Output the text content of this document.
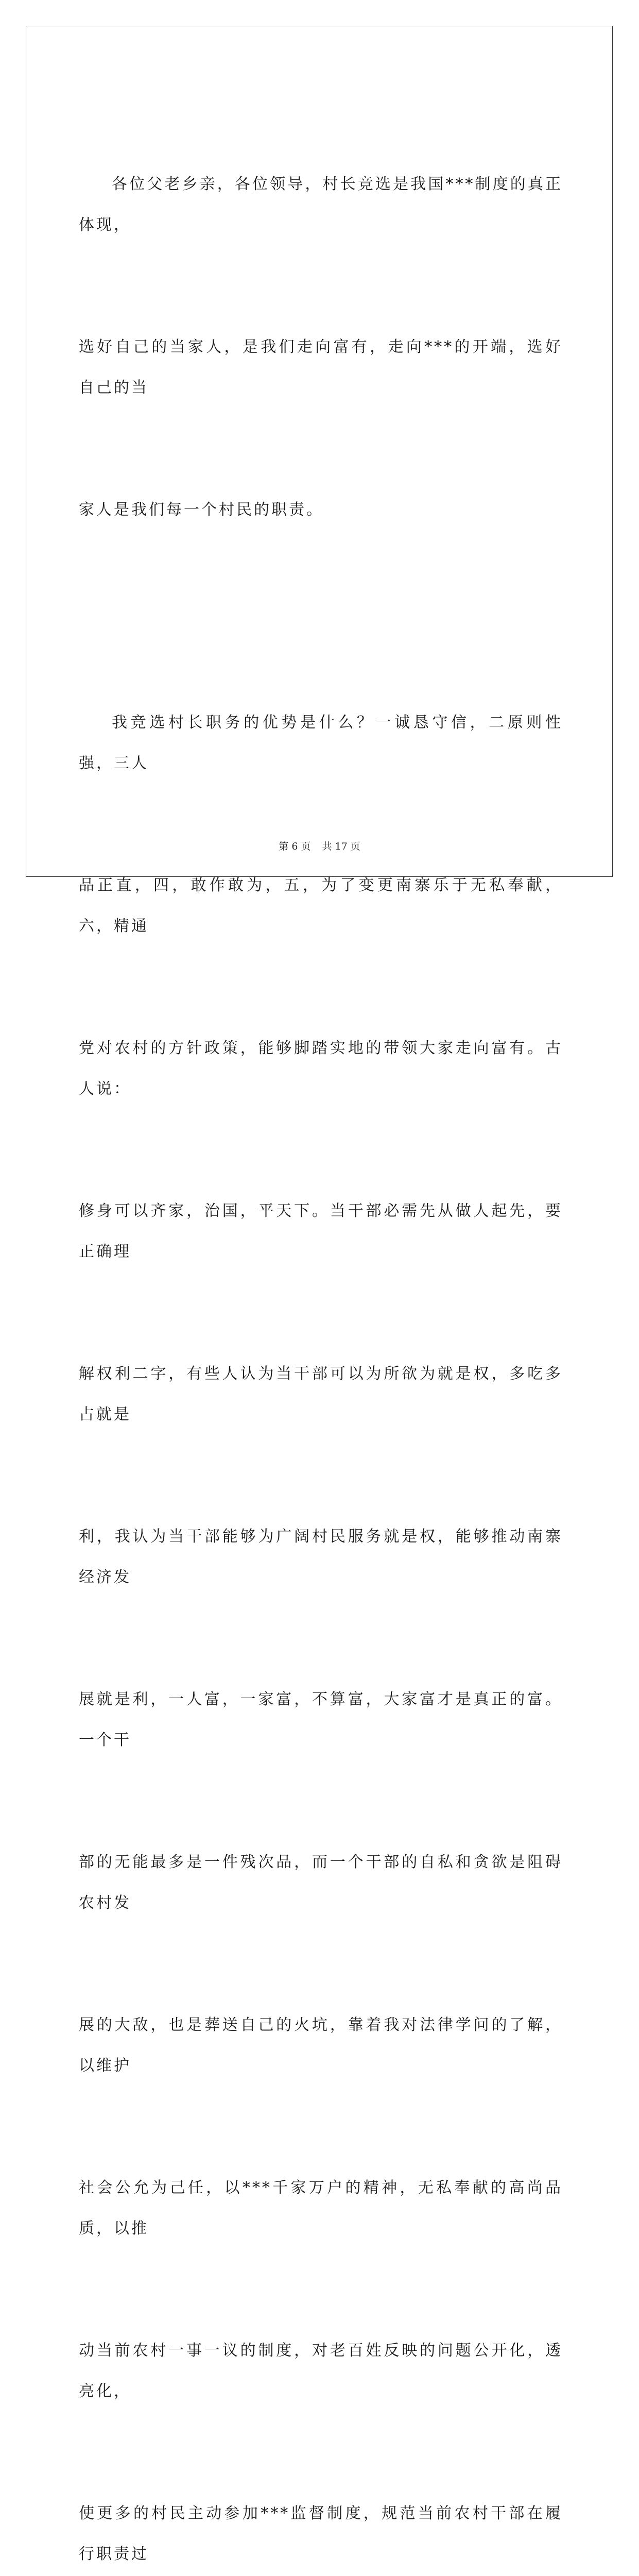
各位父老乡亲，各位领导，村长竞选是我国***制度的真正体现，

选好自己的当家人，是我们走向富有，走向***的开端，选好自己的当

家人是我们每一个村民的职责。

我竞选村长职务的优势是什么？一诚恳守信，二原则性强，三人

品正直，四，敢作敢为，五，为了变更南寨乐于无私奉献，六，精通

党对农村的方针政策，能够脚踏实地的带领大家走向富有。古人说：

修身可以齐家，治国，平天下。当干部必需先从做人起先，要正确理

解权利二字，有些人认为当干部可以为所欲为就是权，多吃多占就是

利，我认为当干部能够为广阔村民服务就是权，能够推动南寨经济发

展就是利，一人富，一家富，不算富，大家富才是真正的富。一个干

部的无能最多是一件残次品，而一个干部的自私和贪欲是阻碍农村发

展的大敌，也是葬送自己的火坑，靠着我对法律学问的了解，以维护

社会公允为己任，以***千家万户的精神，无私奉献的高尚品质，以推

动当前农村一事一议的制度，对老百姓反映的问题公开化，透亮化，

使更多的村民主动参加***监督制度，规范当前农村干部在履行职责过

第 6 页 共 17 页
